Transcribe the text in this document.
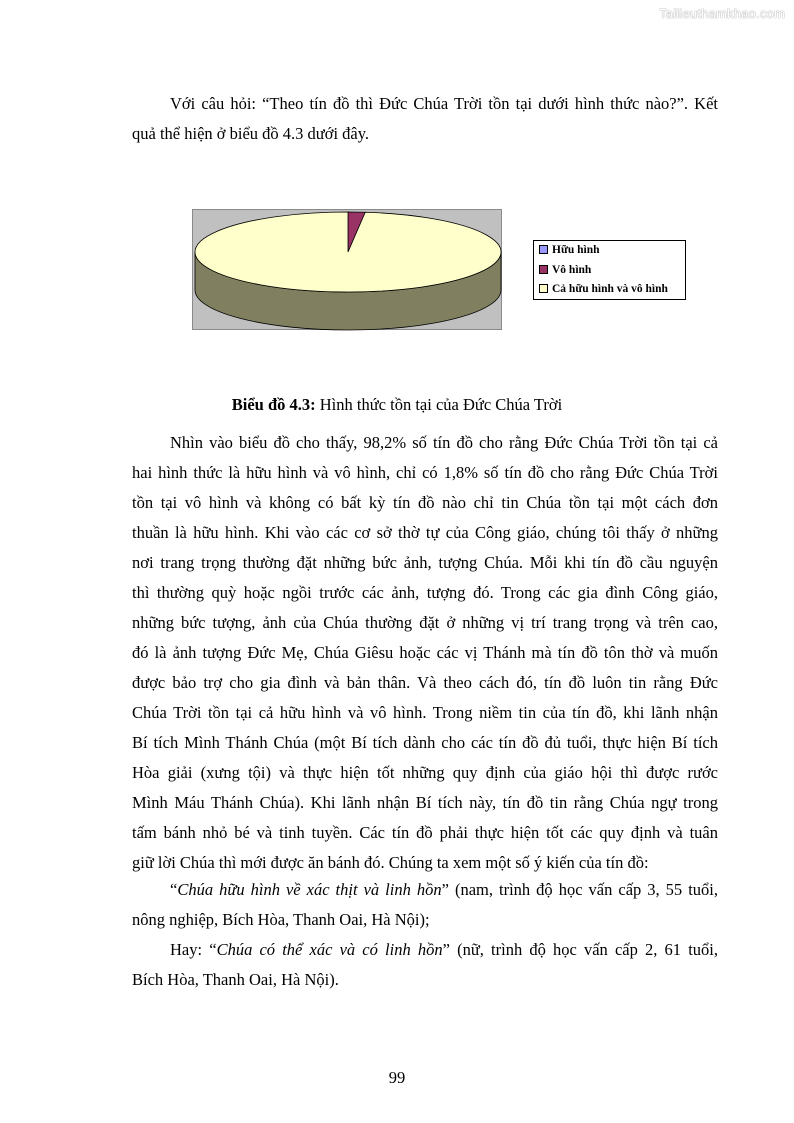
Tailieuthamkhao.com
Với câu hỏi: “Theo tín đồ thì Đức Chúa Trời tồn tại dưới hình thức nào?”. Kết
quả thể hiện ở biểu đồ 4.3 dưới đây.
Hữu hình
Vô hình
Cả hữu hình và vô hình
Biểu đồ 4.3: Hình thức tồn tại của Đức Chúa Trời
Nhìn vào biểu đồ cho thấy, 98,2% số tín đồ cho rằng Đức Chúa Trời tồn tại cả
hai hình thức là hữu hình và vô hình, chỉ có 1,8% số tín đồ cho rằng Đức Chúa Trời
tồn tại vô hình và không có bất kỳ tín đồ nào chỉ tin Chúa tồn tại một cách đơn
thuần là hữu hình. Khi vào các cơ sở thờ tự của Công giáo, chúng tôi thấy ở những
nơi trang trọng thường đặt những bức ảnh, tượng Chúa. Mỗi khi tín đồ cầu nguyện
thì thường quỳ hoặc ngồi trước các ảnh, tượng đó. Trong các gia đình Công giáo,
những bức tượng, ảnh của Chúa thường đặt ở những vị trí trang trọng và trên cao,
đó là ảnh tượng Đức Mẹ, Chúa Giêsu hoặc các vị Thánh mà tín đồ tôn thờ và muốn
được bảo trợ cho gia đình và bản thân. Và theo cách đó, tín đồ luôn tin rằng Đức
Chúa Trời tồn tại cả hữu hình và vô hình. Trong niềm tin của tín đồ, khi lãnh nhận
Bí tích Mình Thánh Chúa (một Bí tích dành cho các tín đồ đủ tuổi, thực hiện Bí tích
Hòa giải (xưng tội) và thực hiện tốt những quy định của giáo hội thì được rước
Mình Máu Thánh Chúa). Khi lãnh nhận Bí tích này, tín đồ tin rằng Chúa ngự trong
tấm bánh nhỏ bé và tinh tuyền. Các tín đồ phải thực hiện tốt các quy định và tuân
giữ lời Chúa thì mới được ăn bánh đó. Chúng ta xem một số ý kiến của tín đồ:
“Chúa hữu hình về xác thịt và linh hồn” (nam, trình độ học vấn cấp 3, 55 tuổi,
nông nghiệp, Bích Hòa, Thanh Oai, Hà Nội);
Hay: “Chúa có thể xác và có linh hồn” (nữ, trình độ học vấn cấp 2, 61 tuổi,
Bích Hòa, Thanh Oai, Hà Nội).
99
